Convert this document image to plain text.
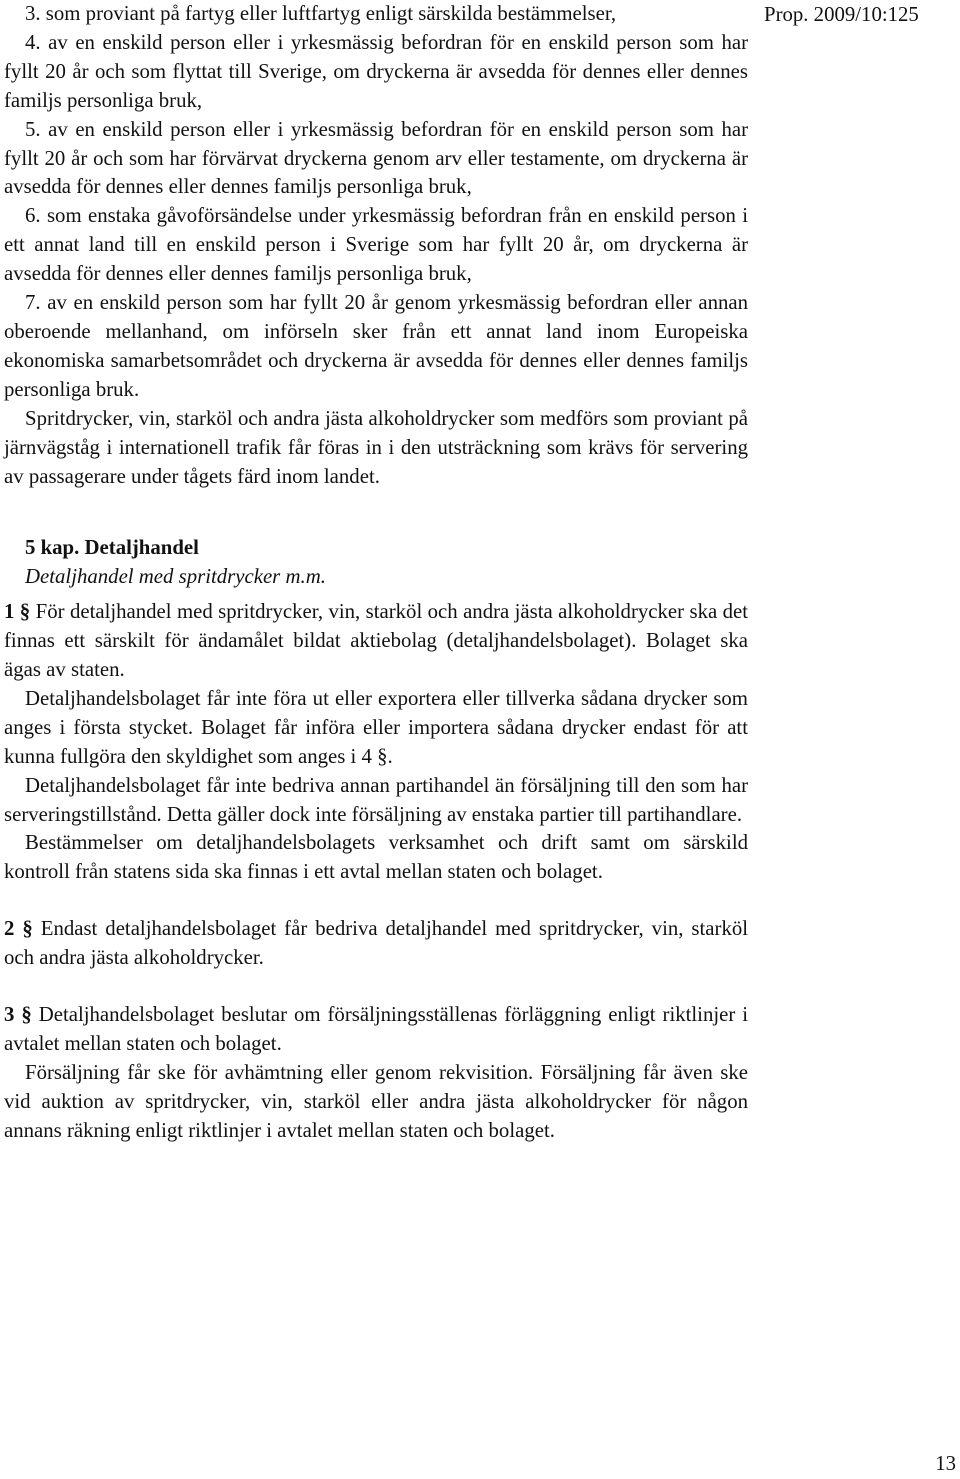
Prop. 2009/10:125

3. som proviant på fartyg eller luftfartyg enligt särskilda bestämmelser,

4. av en enskild person eller i yrkesmässig befordran för en enskild person som har fyllt 20 år och som flyttat till Sverige, om dryckerna är avsedda för dennes eller dennes familjs personliga bruk,

5. av en enskild person eller i yrkesmässig befordran för en enskild person som har fyllt 20 år och som har förvärvat dryckerna genom arv eller testamente, om dryckerna är avsedda för dennes eller dennes familjs personliga bruk,

6. som enstaka gåvoförsändelse under yrkesmässig befordran från en enskild person i ett annat land till en enskild person i Sverige som har fyllt 20 år, om dryckerna är avsedda för dennes eller dennes familjs personliga bruk,

7. av en enskild person som har fyllt 20 år genom yrkesmässig befordran eller annan oberoende mellanhand, om införseln sker från ett annat land inom Europeiska ekonomiska samarbetsområdet och dryckerna är avsedda för dennes eller dennes familjs personliga bruk.

Spritdrycker, vin, starköl och andra jästa alkoholdrycker som medförs som proviant på järnvägståg i internationell trafik får föras in i den utsträckning som krävs för servering av passagerare under tågets färd inom landet.

5 kap. Detaljhandel

Detaljhandel med spritdrycker m.m.

1 § För detaljhandel med spritdrycker, vin, starköl och andra jästa alkoholdrycker ska det finnas ett särskilt för ändamålet bildat aktiebolag (detaljhandelsbolaget). Bolaget ska ägas av staten.

Detaljhandelsbolaget får inte föra ut eller exportera eller tillverka sådana drycker som anges i första stycket. Bolaget får införa eller importera sådana drycker endast för att kunna fullgöra den skyldighet som anges i 4 §.

Detaljhandelsbolaget får inte bedriva annan partihandel än försäljning till den som har serveringstillstånd. Detta gäller dock inte försäljning av enstaka partier till partihandlare.

Bestämmelser om detaljhandelsbolagets verksamhet och drift samt om särskild kontroll från statens sida ska finnas i ett avtal mellan staten och bolaget.

2 § Endast detaljhandelsbolaget får bedriva detaljhandel med spritdrycker, vin, starköl och andra jästa alkoholdrycker.

3 § Detaljhandelsbolaget beslutar om försäljningsställenas förläggning enligt riktlinjer i avtalet mellan staten och bolaget.

Försäljning får ske för avhämtning eller genom rekvisition. Försäljning får även ske vid auktion av spritdrycker, vin, starköl eller andra jästa alkoholdrycker för någon annans räkning enligt riktlinjer i avtalet mellan staten och bolaget.

13
